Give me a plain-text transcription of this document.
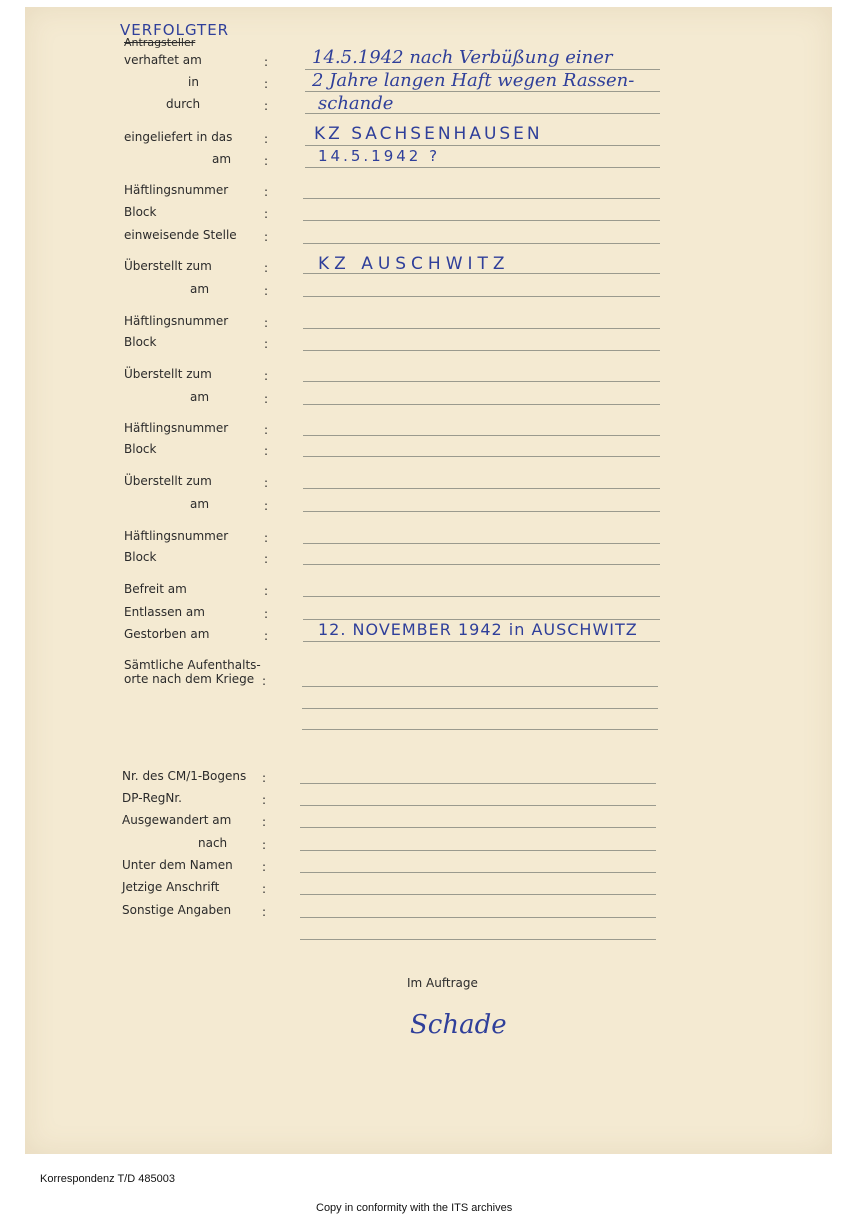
VERFOLGTER
Antragsteller
verhaftet am
in
durch
eingeliefert in das
am
Häftlingsnummer
Block
einweisende Stelle
Überstellt zum
am
Häftlingsnummer
Block
Überstellt zum
am
Häftlingsnummer
Block
Überstellt zum
am
Häftlingsnummer
Block
Befreit am
Entlassen am
Gestorben am
Sämtliche Aufenthalts-
orte nach dem Kriege
Nr. des CM/1-Bogens
DP-RegNr.
Ausgewandert am
nach
Unter dem Namen
Jetzige Anschrift
Sonstige Angaben
:
:
:
:
:
:
:
:
:
:
:
:
:
:
:
:
:
:
:
:
:
:
:
:
:
:
:
:
:
:
:
14.5.1942 nach Verbüßung einer
2 Jahre langen Haft wegen Rassen-
schande
KZ SACHSENHAUSEN
14.5.1942 ?
KZ AUSCHWITZ
12. NOVEMBER 1942 in AUSCHWITZ
Im Auftrage
Schade
Korrespondenz T/D 485003
Copy in conformity with the ITS archives
